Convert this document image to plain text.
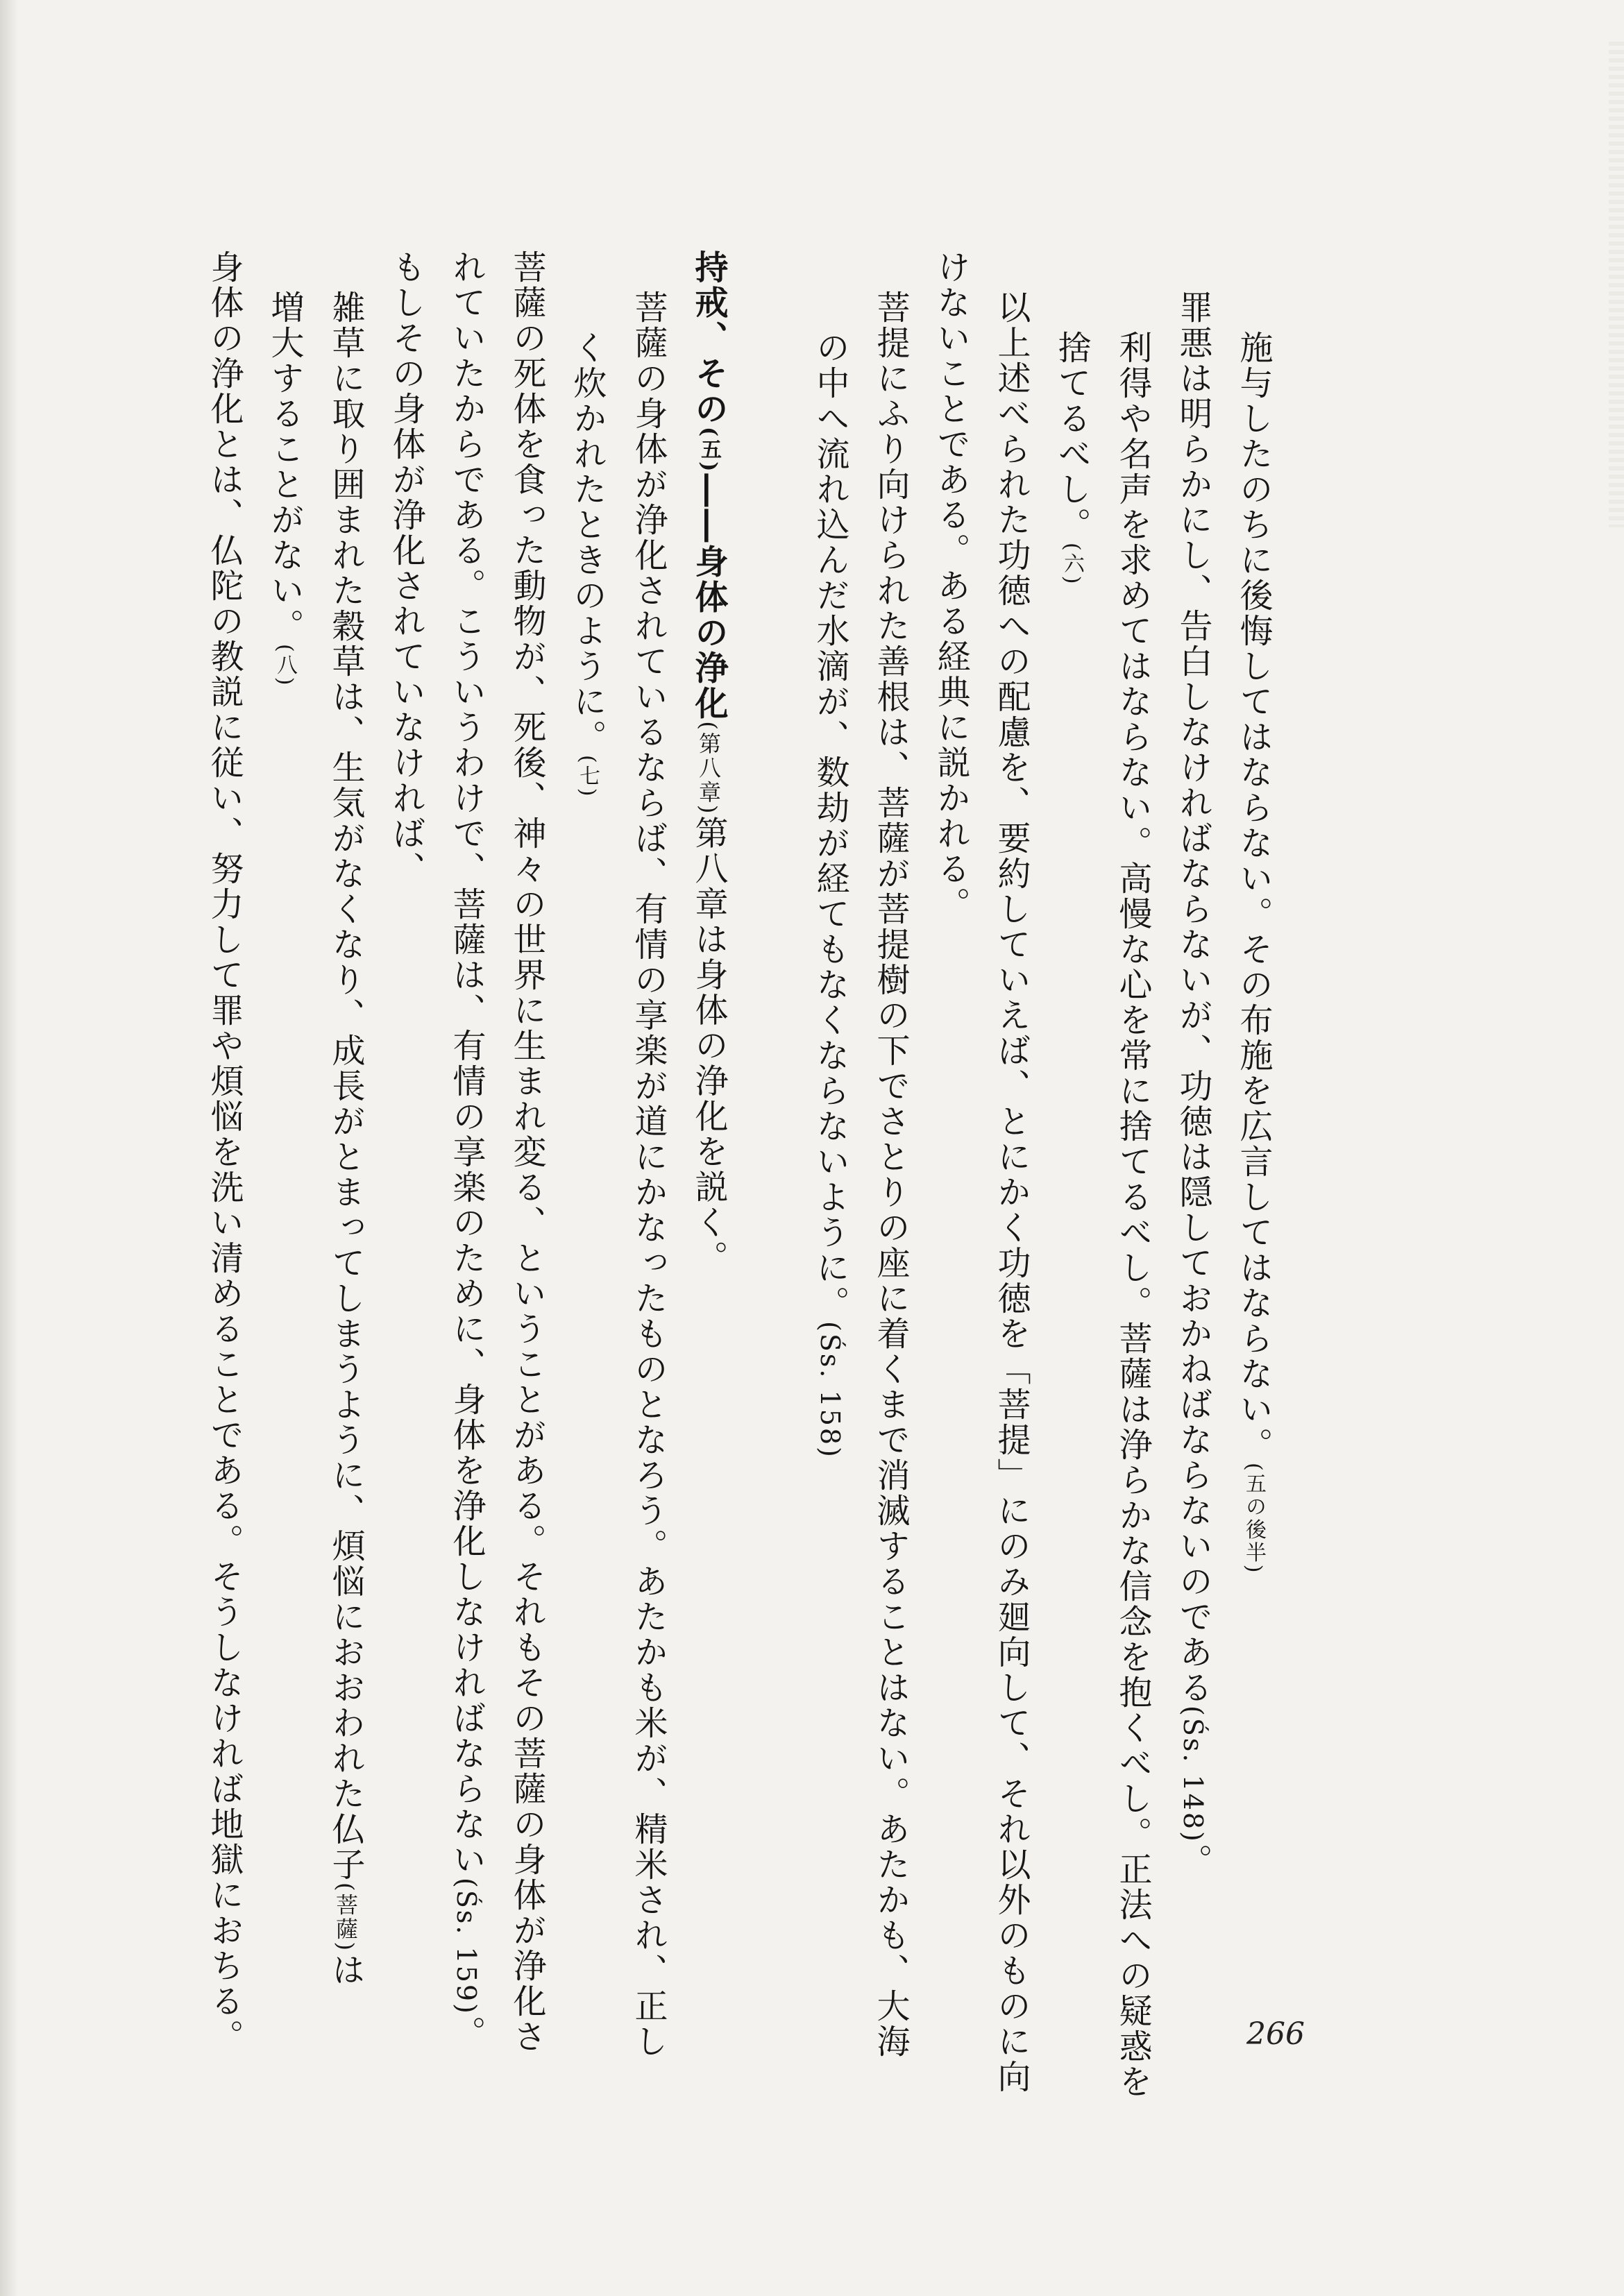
施与したのちに後悔してはならない。その布施を広言してはならない。(五の後半)
罪悪は明らかにし、告白しなければならないが、功徳は隠しておかねばならないのである(Śs. 148)。
利得や名声を求めてはならない。高慢な心を常に捨てるべし。菩薩は浄らかな信念を抱くべし。正法への疑惑を
捨てるべし。(六)
以上述べられた功徳への配慮を、要約していえば、とにかく功徳を「菩提」にのみ廻向して、それ以外のものに向
けないことである。ある経典に説かれる。
菩提にふり向けられた善根は、菩薩が菩提樹の下でさとりの座に着くまで消滅することはない。あたかも、大海
の中へ流れ込んだ水滴が、数劫が経てもなくならないように。(Śs. 158)
持戒、その(五)――身体の浄化(第八章)第八章は身体の浄化を説く。
菩薩の身体が浄化されているならば、有情の享楽が道にかなったものとなろう。あたかも米が、精米され、正し
く炊かれたときのように。(七)
菩薩の死体を食った動物が、死後、神々の世界に生まれ変る、ということがある。それもその菩薩の身体が浄化さ
れていたからである。こういうわけで、菩薩は、有情の享楽のために、身体を浄化しなければならない(Śs. 159)。
もしその身体が浄化されていなければ、
雑草に取り囲まれた穀草は、生気がなくなり、成長がとまってしまうように、煩悩におおわれた仏子(菩薩)は
増大することがない。(八)
身体の浄化とは、仏陀の教説に従い、努力して罪や煩悩を洗い清めることである。そうしなければ地獄におちる。	266
